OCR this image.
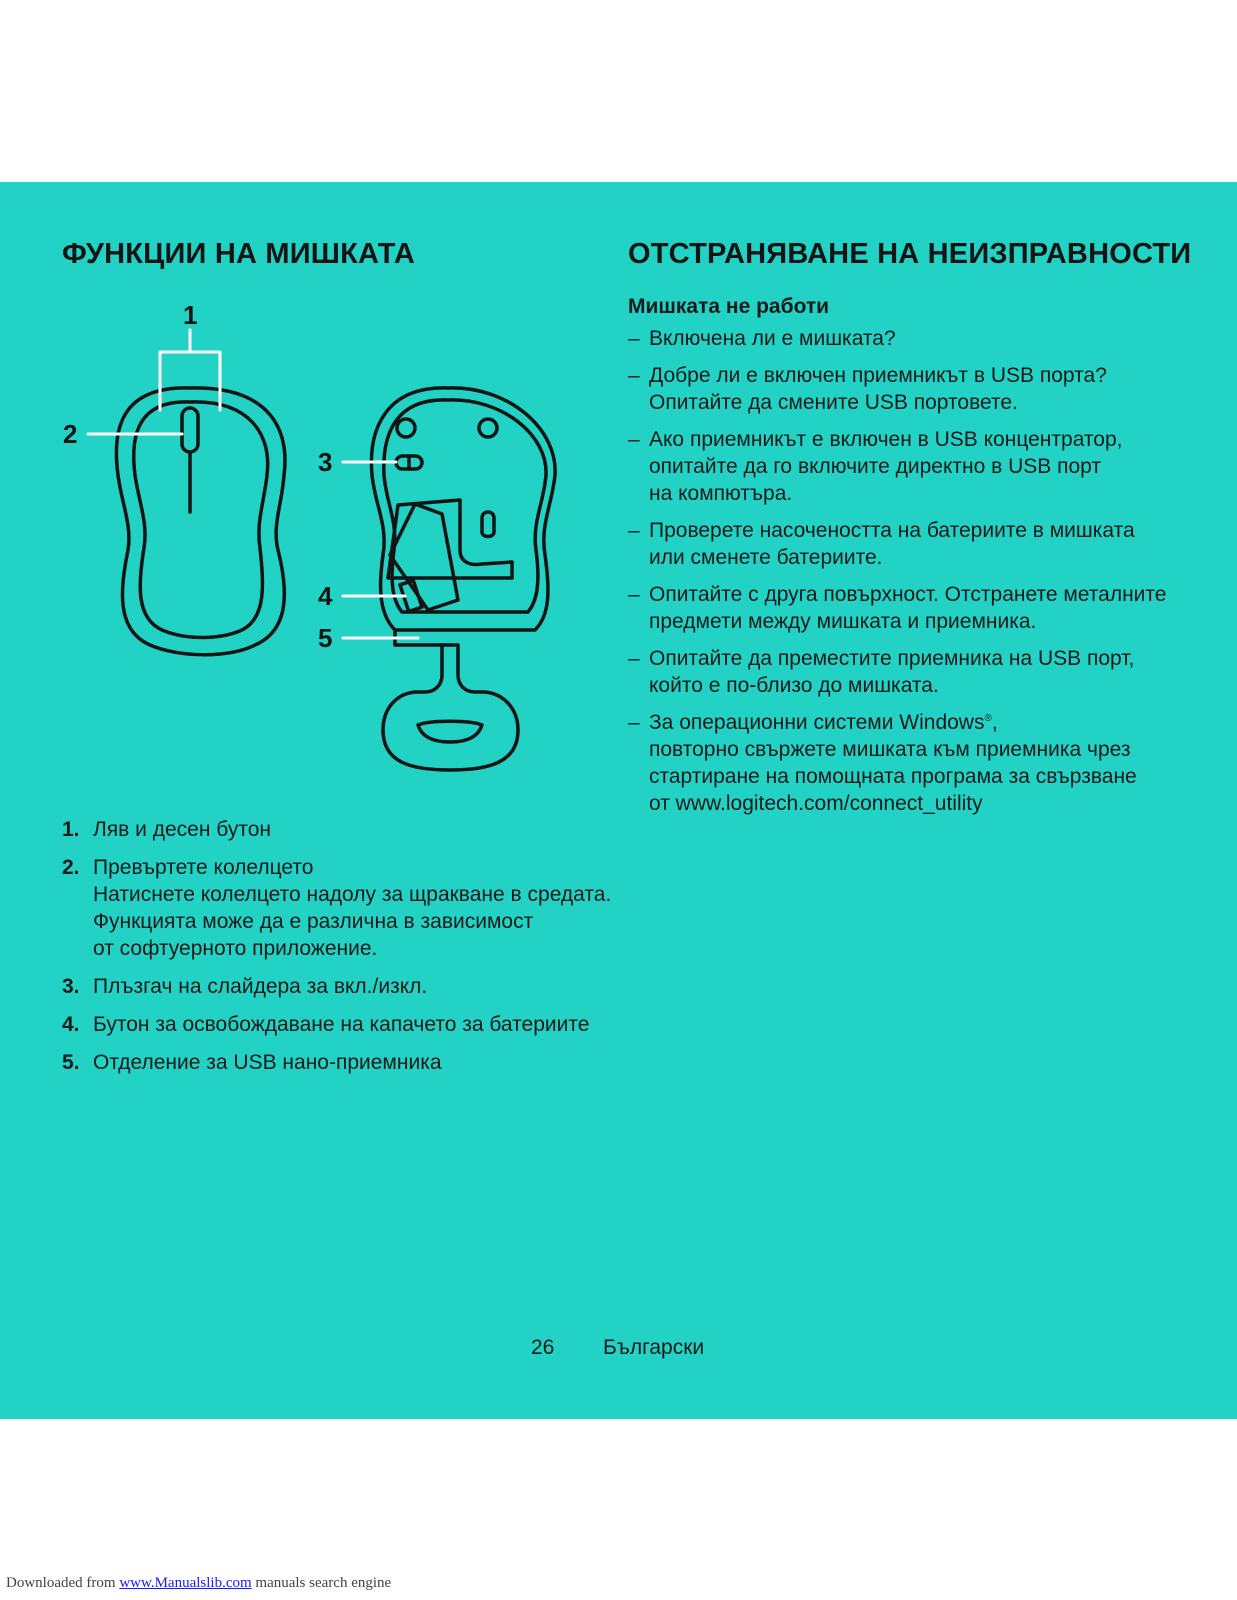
ФУНКЦИИ НА МИШКАТА	ОТСТРАНЯВАНЕ НА НЕИЗПРАВНОСТИ
1
2
3
4
5
1. Ляв и десен бутон
2. Превъртете колелцето
Натиснете колелцето надолу за щракване в средата.
Функцията може да е различна в зависимост
от софтуерното приложение.
3. Плъзгач на слайдера за вкл./изкл.
4. Бутон за освобождаване на капачето за батериите
5. Отделение за USB нано-приемника

Мишката не работи

– Включена ли е мишката?
– Добре ли е включен приемникът в USB порта?
Опитайте да смените USB портовете.
– Ако приемникът е включен в USB концентратор,
опитайте да го включите директно в USB порт
на компютъра.
– Проверете насочеността на батериите в мишката
или сменете батериите.
– Опитайте с друга повърхност. Отстранете металните
предмети между мишката и приемника.
– Опитайте да преместите приемника на USB порт,
който е по-близо до мишката.
– За операционни системи Windows®,
повторно свържете мишката към приемника чрез
стартиране на помощната програма за свързване
от www.logitech.com/connect_utility
26 Български
Downloaded from www.Manualslib.com manuals search engine
